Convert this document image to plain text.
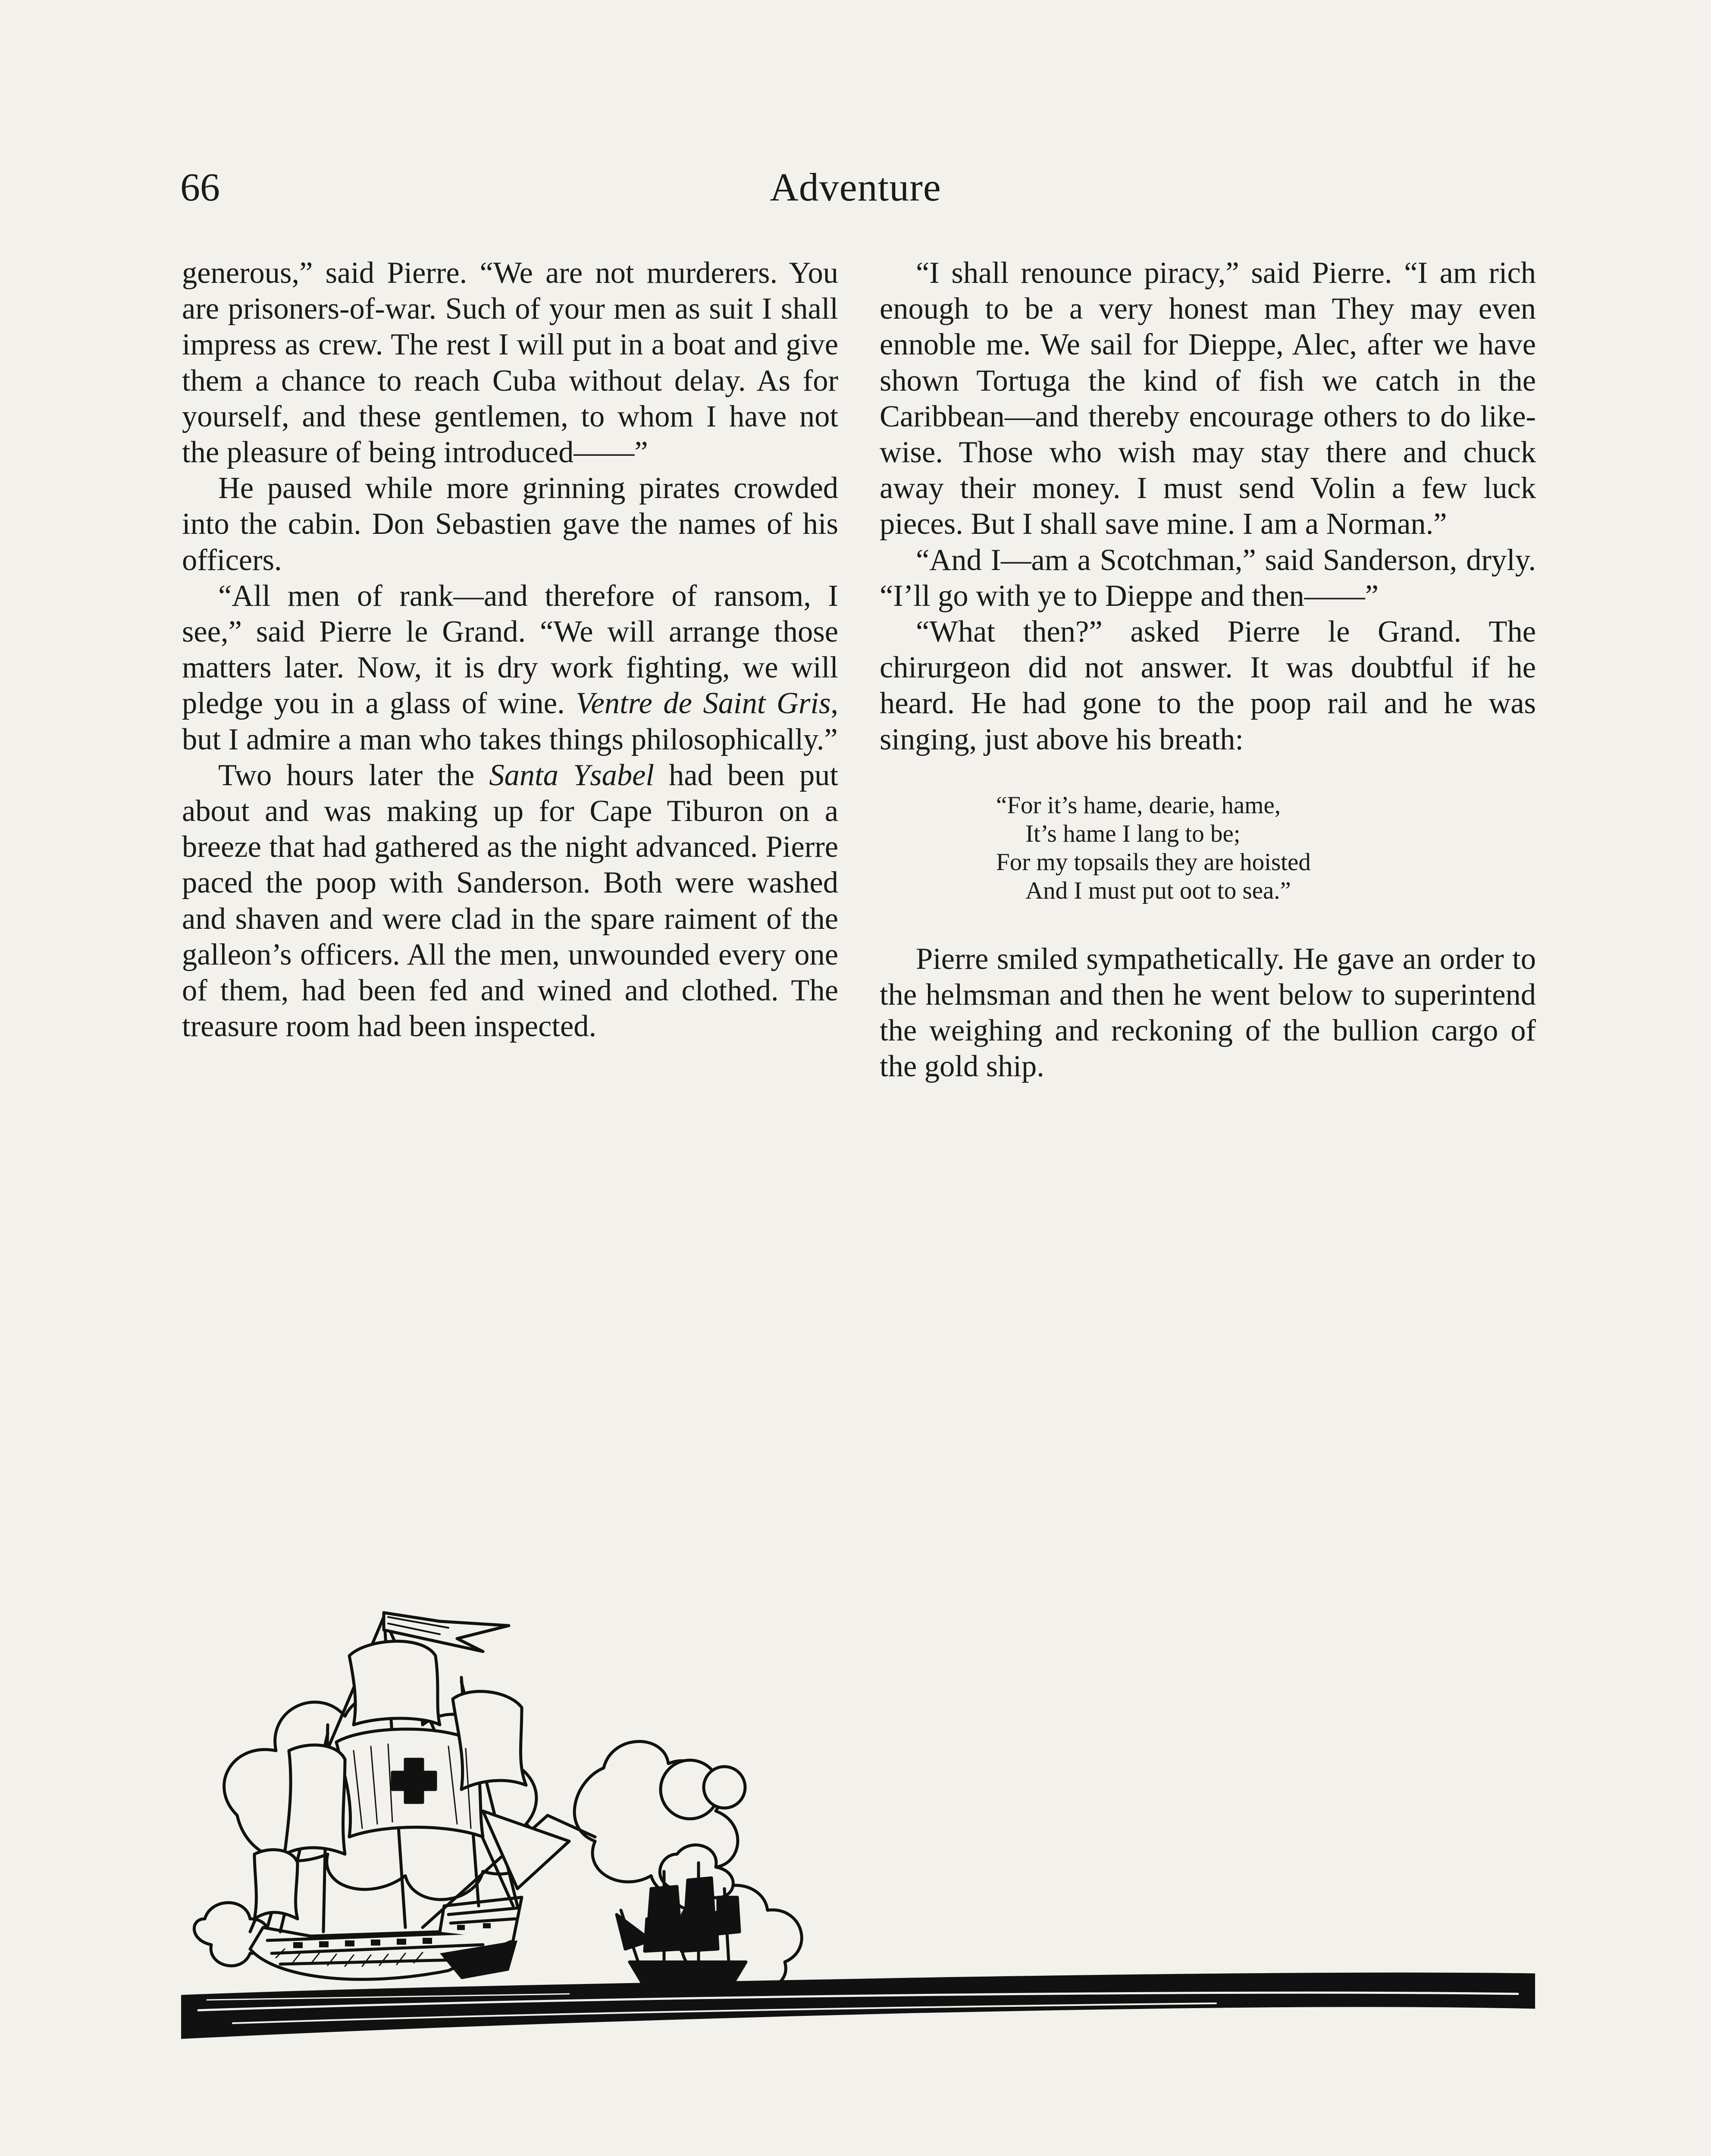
66	Adventure

generous,” said Pierre. “We are not murderers. You are prisoners-of-war. Such of your men as suit I shall impress as crew. The rest I will put in a boat and give them a chance to reach Cuba without delay. As for yourself, and these gentlemen, to whom I have not the pleasure of being introduced——”

He paused while more grinning pirates crowded into the cabin. Don Sebastien gave the names of his officers.

“All men of rank—and therefore of ransom, I see,” said Pierre le Grand. “We will arrange those matters later. Now, it is dry work fighting, we will pledge you in a glass of wine. Ventre de Saint Gris, but I admire a man who takes things philosophically.”

Two hours later the Santa Ysabel had been put about and was making up for Cape Tiburon on a breeze that had gathered as the night advanced. Pierre paced the poop with Sanderson. Both were washed and shaven and were clad in the spare raiment of the galleon’s officers. All the men, unwounded every one of them, had been fed and wined and clothed. The treasure room had been inspected.

“I shall renounce piracy,” said Pierre. “I am rich enough to be a very honest man They may even ennoble me. We sail for Dieppe, Alec, after we have shown Tortuga the kind of fish we catch in the Caribbean—and thereby encourage others to do likewise. Those who wish may stay there and chuck away their money. I must send Volin a few luck pieces. But I shall save mine. I am a Norman.”

“And I—am a Scotchman,” said Sanderson, dryly. “I’ll go with ye to Dieppe and then——”

“What then?” asked Pierre le Grand. The chirurgeon did not answer. It was doubtful if he heard. He had gone to the poop rail and he was singing, just above his breath:

“For it’s hame, dearie, hame,
It’s hame I lang to be;
For my topsails they are hoisted
And I must put oot to sea.”

Pierre smiled sympathetically. He gave an order to the helmsman and then he went below to superintend the weighing and reckoning of the bullion cargo of the gold ship.
